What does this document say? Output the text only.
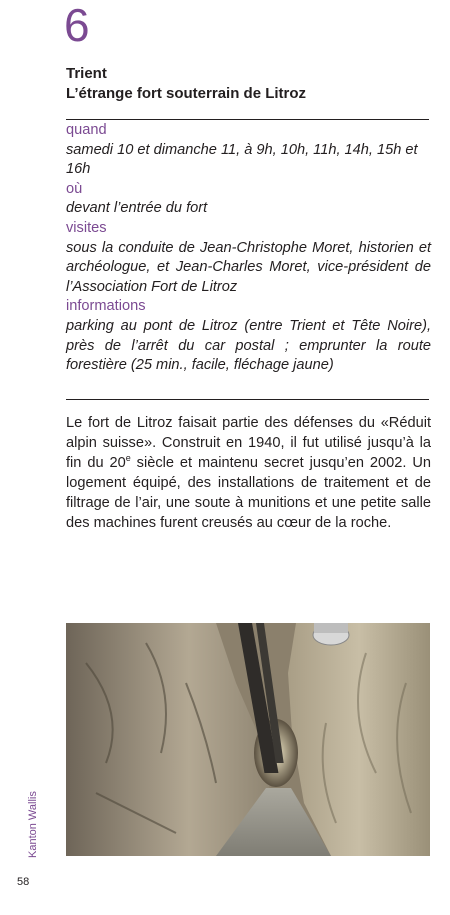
6
Trient
L’étrange fort souterrain de Litroz
quand
samedi 10 et dimanche 11, à 9h, 10h, 11h, 14h, 15h et 16h
où
devant l’entrée du fort
visites
sous la conduite de Jean-Christophe Moret, historien et archéologue, et Jean-Charles Moret, vice-président de l’Association Fort de Litroz
informations
parking au pont de Litroz (entre Trient et Tête Noire), près de l’arrêt du car postal ; emprunter la route forestière (25 min., facile, fléchage jaune)
Le fort de Litroz faisait partie des défenses du «Réduit alpin suisse». Construit en 1940, il fut utilisé jusqu’à la fin du 20e siècle et maintenu secret jusqu’en 2002. Un logement équipé, des installations de traitement et de filtrage de l’air, une soute à munitions et une petite salle des machines furent creusés au cœur de la roche.
Kanton Wallis
58
